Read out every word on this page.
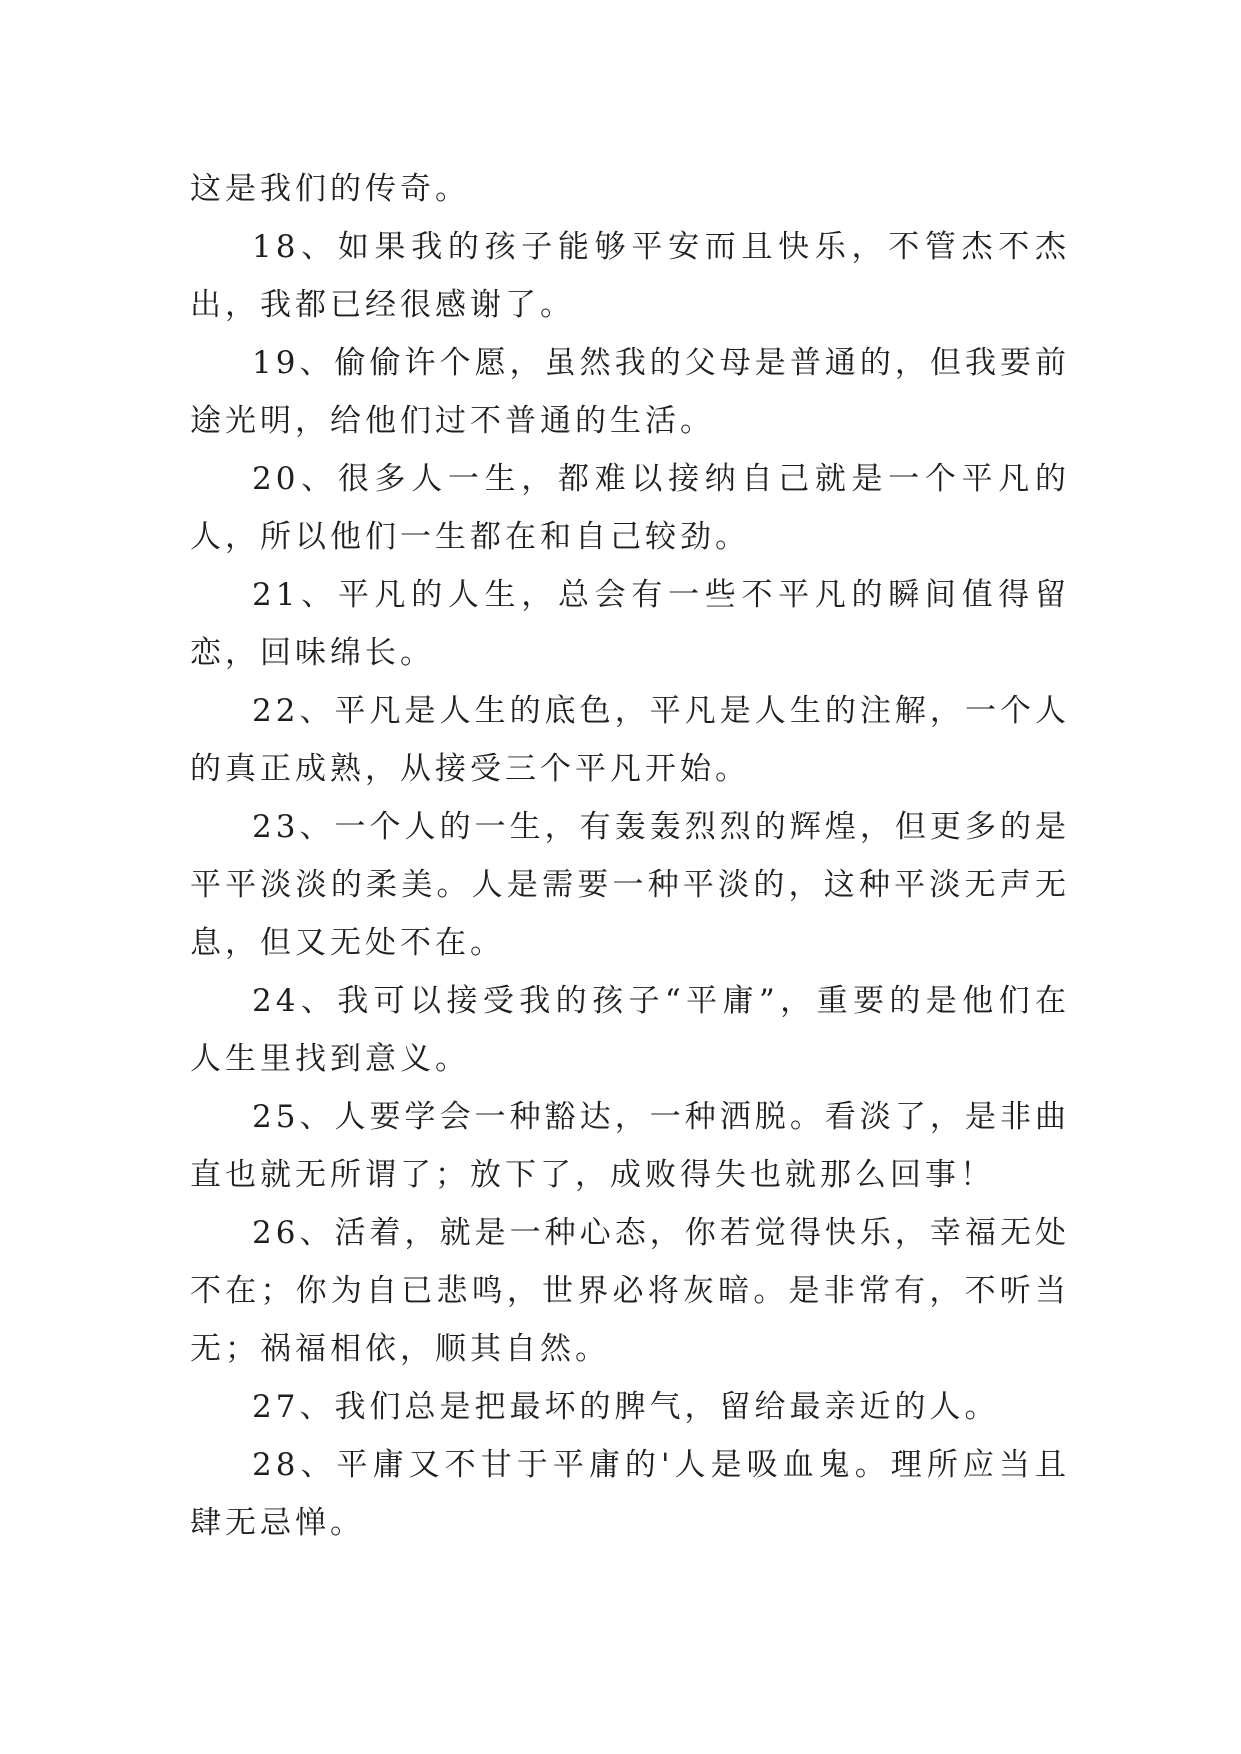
这是我们的传奇。

18、如果我的孩子能够平安而且快乐，不管杰不杰出，我都已经很感谢了。

19、偷偷许个愿，虽然我的父母是普通的，但我要前途光明，给他们过不普通的生活。

20、很多人一生，都难以接纳自己就是一个平凡的人，所以他们一生都在和自己较劲。

21、平凡的人生，总会有一些不平凡的瞬间值得留恋，回味绵长。

22、平凡是人生的底色，平凡是人生的注解，一个人的真正成熟，从接受三个平凡开始。

23、一个人的一生，有轰轰烈烈的辉煌，但更多的是平平淡淡的柔美。人是需要一种平淡的，这种平淡无声无息，但又无处不在。

24、我可以接受我的孩子“平庸”，重要的是他们在人生里找到意义。

25、人要学会一种豁达，一种洒脱。看淡了，是非曲直也就无所谓了；放下了，成败得失也就那么回事！

26、活着，就是一种心态，你若觉得快乐，幸福无处不在；你为自已悲鸣，世界必将灰暗。是非常有，不听当无；祸福相依，顺其自然。

27、我们总是把最坏的脾气，留给最亲近的人。

28、平庸又不甘于平庸的'人是吸血鬼。理所应当且肆无忌惮。
